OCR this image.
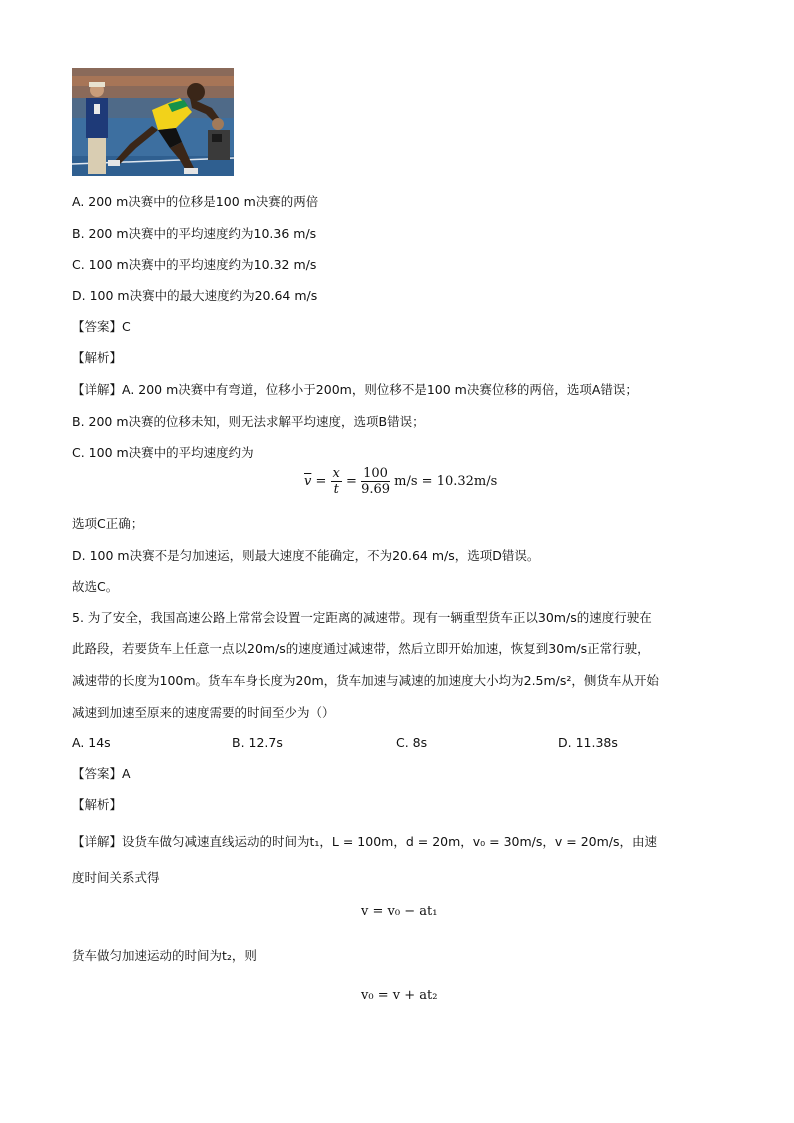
A. 200 m决赛中的位移是100 m决赛的两倍
B. 200 m决赛中的平均速度约为10.36 m/s
C. 100 m决赛中的平均速度约为10.32 m/s
D. 100 m决赛中的最大速度约为20.64 m/s
【答案】C
【解析】
【详解】A. 200 m决赛中有弯道，位移小于200m，则位移不是100 m决赛位移的两倍，选项A错误；
B. 200 m决赛的位移未知，则无法求解平均速度，选项B错误；
C. 100 m决赛中的平均速度约为
$\overline{v} = \frac{x}{t} = \frac{100}{9.69} m/s = 10.32m/s$
选项C正确；
D. 100 m决赛不是匀加速运，则最大速度不能确定，不为20.64 m/s，选项D错误。
故选C。
5. 为了安全，我国高速公路上常常会设置一定距离的减速带。现有一辆重型货车正以30m/s的速度行驶在
此路段，若要货车上任意一点以20m/s的速度通过减速带，然后立即开始加速，恢复到30m/s正常行驶，
减速带的长度为100m。货车车身长度为20m，货车加速与减速的加速度大小均为2.5m/s²，侧货车从开始
减速到加速至原来的速度需要的时间至少为（）
A. 14s	B. 12.7s	C. 8s	D. 11.38s
【答案】A
【解析】
【详解】设货车做匀减速直线运动的时间为t₁，L = 100m，d = 20m，v₀ = 30m/s，v = 20m/s，由速
度时间关系式得
v = v₀ − at₁
货车做匀加速运动的时间为t₂，则
v₀ = v + at₂
